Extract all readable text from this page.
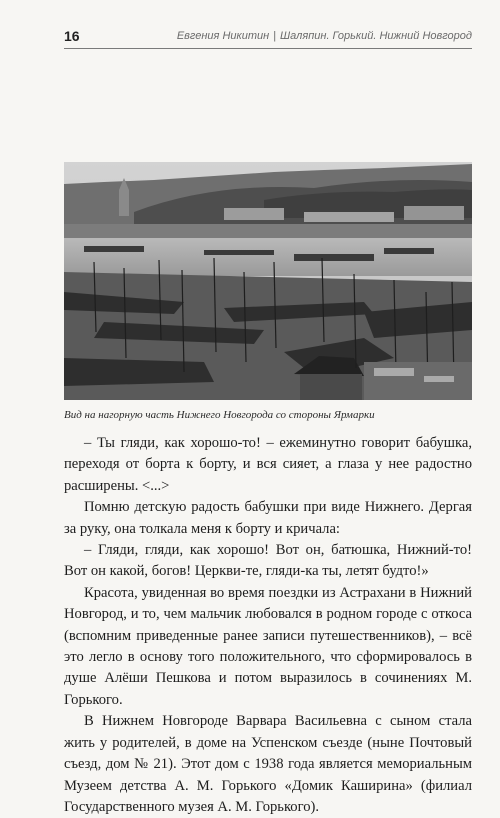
16	Евгения Никитин | Шаляпин. Горький. Нижний Новгород
Вид на нагорную часть Нижнего Новгорода со стороны Ярмарки

– Ты гляди, как хорошо-то! – ежеминутно говорит бабушка, переходя от борта к борту, и вся сияет, а глаза у нее радостно расширены. <...>

Помню детскую радость бабушки при виде Нижнего. Дергая за руку, она толкала меня к борту и кричала:

– Гляди, гляди, как хорошо! Вот он, батюшка, Нижний-то! Вот он какой, богов! Церкви-те, гляди-ка ты, летят будто!»

Красота, увиденная во время поездки из Астрахани в Нижний Новгород, и то, чем мальчик любовался в родном городе с откоса (вспомним приведенные ранее записи путешественников), – всё это легло в основу того положительного, что сформировалось в душе Алёши Пешкова и потом выразилось в сочинениях М. Горького.

В Нижнем Новгороде Варвара Васильевна с сыном стала жить у родителей, в доме на Успенском съезде (ныне Почтовый съезд, дом № 21). Этот дом с 1938 года является мемориальным Музеем детства А. М. Горького «Домик Каширина» (филиал Государственного музея А. М. Горького).
